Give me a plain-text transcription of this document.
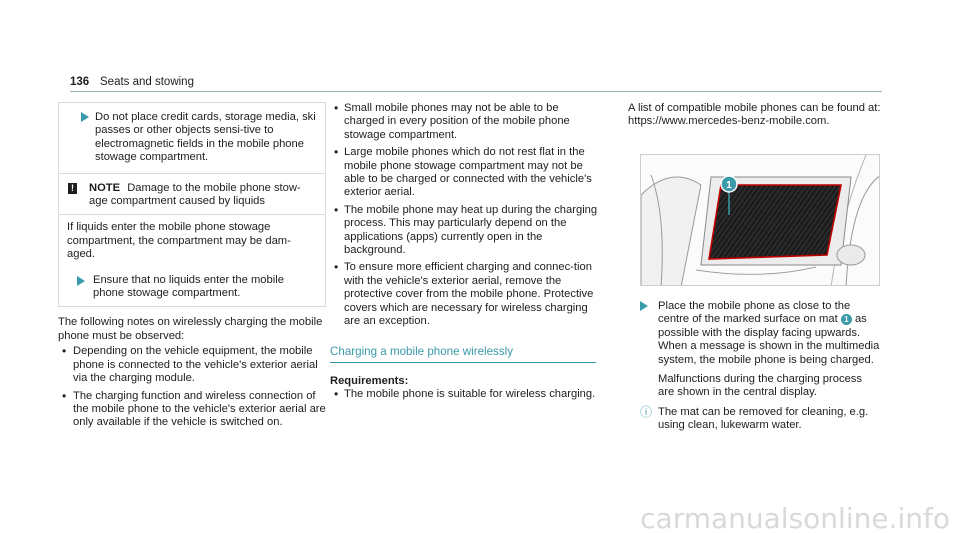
136 Seats and stowing

Do not place credit cards, storage media, ski passes or other objects sensi-tive to electromagnetic fields in the mobile phone stowage compartment.

! NOTE Damage to the mobile phone stow-age compartment caused by liquids

If liquids enter the mobile phone stowage compartment, the compartment may be dam-aged.

Ensure that no liquids enter the mobile phone stowage compartment.

The following notes on wirelessly charging the mobile phone must be observed:

• Depending on the vehicle equipment, the mobile phone is connected to the vehicle's exterior aerial via the charging module.
• The charging function and wireless connection of the mobile phone to the vehicle's exterior aerial are only available if the vehicle is switched on.
• Small mobile phones may not be able to be charged in every position of the mobile phone stowage compartment.
• Large mobile phones which do not rest flat in the mobile phone stowage compartment may not be able to be charged or connected with the vehicle's exterior aerial.
• The mobile phone may heat up during the charging process. This may particularly depend on the applications (apps) currently open in the background.
• To ensure more efficient charging and connec-tion with the vehicle's exterior aerial, remove the protective cover from the mobile phone. Protective covers which are necessary for wireless charging are an exception.
Charging a mobile phone wirelessly

Requirements:

• The mobile phone is suitable for wireless charging.

A list of compatible mobile phones can be found at: https://www.mercedes-benz-mobile.com.

1

Place the mobile phone as close to the centre of the marked surface on mat 1 as possible with the display facing upwards.

When a message is shown in the multimedia system, the mobile phone is being charged.

Malfunctions during the charging process are shown in the central display.

ⓘ The mat can be removed for cleaning, e.g. using clean, lukewarm water.

carmanualsonline.info
